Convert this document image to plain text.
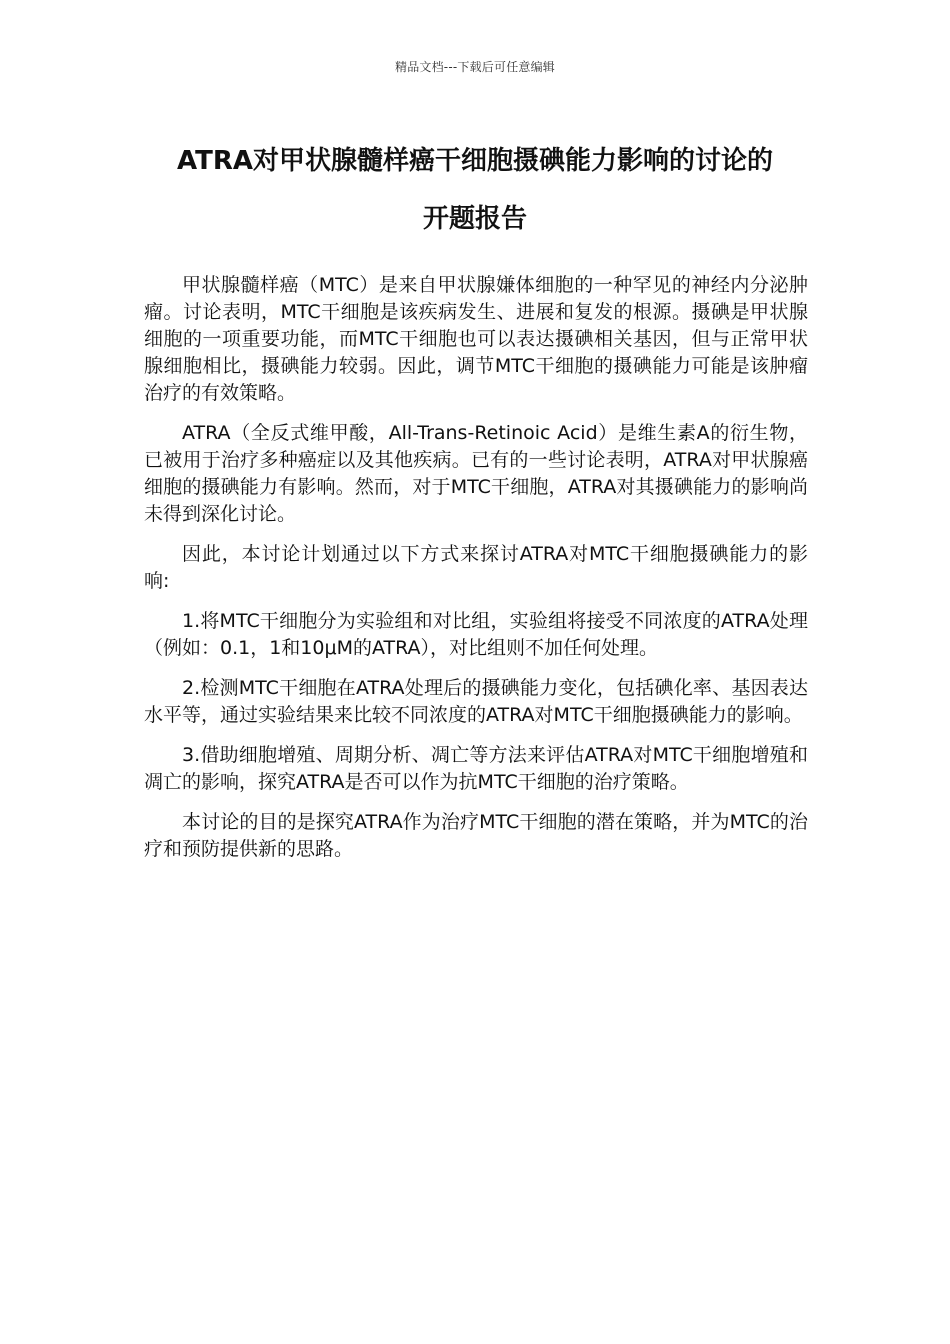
精品文档---下载后可任意编辑
ATRA对甲状腺髓样癌干细胞摄碘能力影响的讨论的
开题报告

甲状腺髓样癌（MTC）是来自甲状腺嫌体细胞的一种罕见的神经内分泌肿瘤。讨论表明，MTC干细胞是该疾病发生、进展和复发的根源。摄碘是甲状腺细胞的一项重要功能，而MTC干细胞也可以表达摄碘相关基因，但与正常甲状腺细胞相比，摄碘能力较弱。因此，调节MTC干细胞的摄碘能力可能是该肿瘤治疗的有效策略。

ATRA（全反式维甲酸，All-Trans-Retinoic Acid）是维生素A的衍生物，已被用于治疗多种癌症以及其他疾病。已有的一些讨论表明，ATRA对甲状腺癌细胞的摄碘能力有影响。然而，对于MTC干细胞，ATRA对其摄碘能力的影响尚未得到深化讨论。

因此，本讨论计划通过以下方式来探讨ATRA对MTC干细胞摄碘能力的影响:

1.将MTC干细胞分为实验组和对比组，实验组将接受不同浓度的ATRA处理（例如：0.1，1和10μM的ATRA），对比组则不加任何处理。

2.检测MTC干细胞在ATRA处理后的摄碘能力变化，包括碘化率、基因表达水平等，通过实验结果来比较不同浓度的ATRA对MTC干细胞摄碘能力的影响。

3.借助细胞增殖、周期分析、凋亡等方法来评估ATRA对MTC干细胞增殖和凋亡的影响，探究ATRA是否可以作为抗MTC干细胞的治疗策略。

本讨论的目的是探究ATRA作为治疗MTC干细胞的潜在策略，并为MTC的治疗和预防提供新的思路。
